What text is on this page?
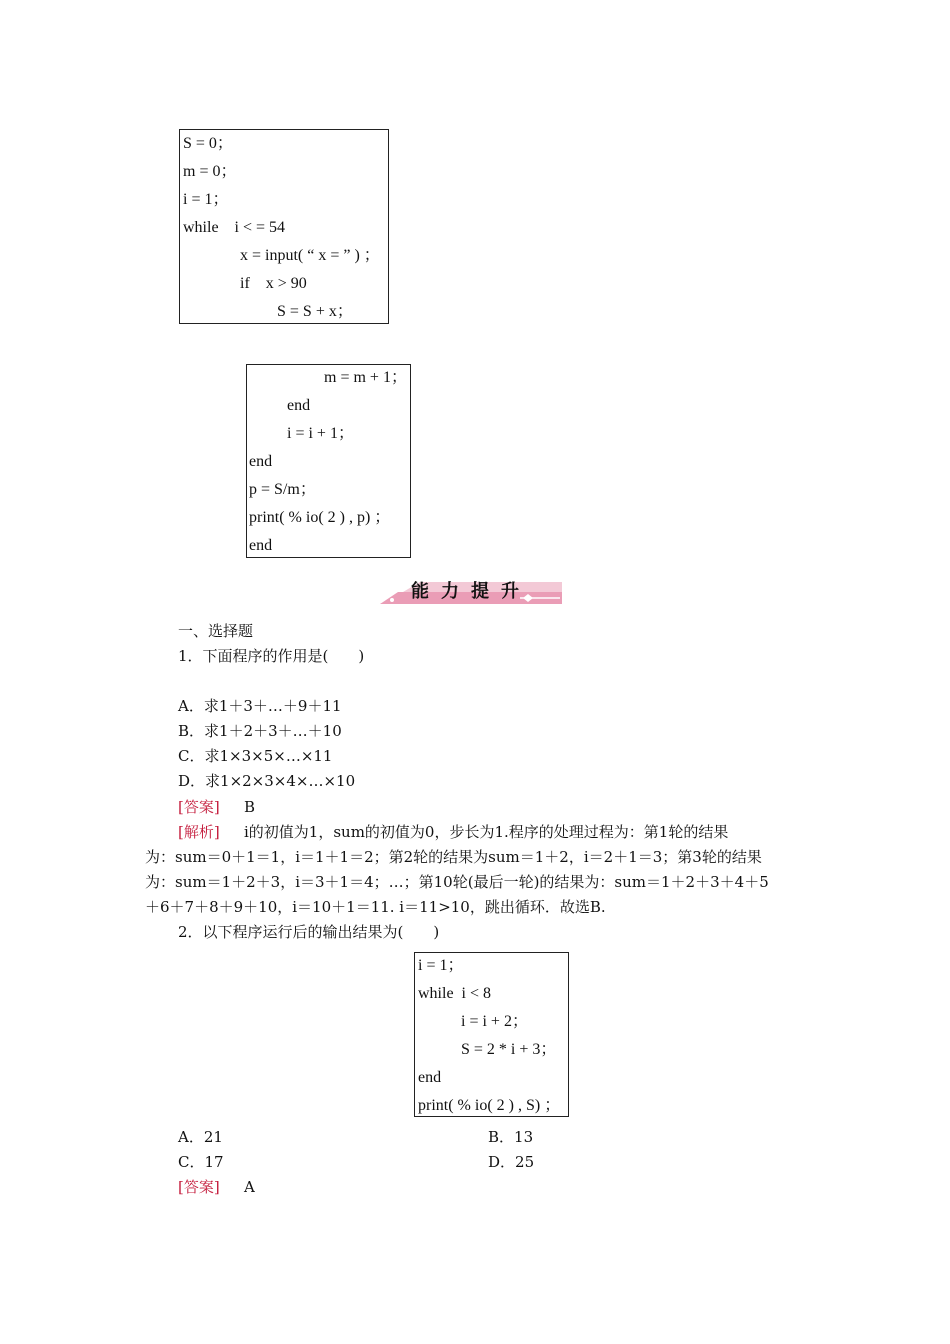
S = 0；
m = 0；
i = 1；
while    i < = 54
x = input( “ x = ” ) ；
if    x > 90
S = S + x；
m = m + 1；
end
i = i + 1；
end
p = S/m；
print( % io( 2 ) , p) ；
end
能力提升
一、选择题
1．下面程序的作用是(　　)
A．求1＋3＋…＋9＋11
B．求1＋2＋3＋…＋10
C．求1×3×5×…×11
D．求1×2×3×4×…×10
[答案] B
[解析] i的初值为1，sum的初值为0，步长为1.程序的处理过程为：第1轮的结果
为：sum＝0＋1＝1，i＝1＋1＝2；第2轮的结果为sum＝1＋2，i＝2＋1＝3；第3轮的结果
为：sum＝1＋2＋3，i＝3＋1＝4；…；第10轮(最后一轮)的结果为：sum＝1＋2＋3＋4＋5
＋6＋7＋8＋9＋10，i＝10＋1＝11. i＝11>10，跳出循环．故选B.
2．以下程序运行后的输出结果为(　　)
i = 1；
while  i < 8
i = i + 2；
S = 2 * i + 3；
end
print( % io( 2 ) , S) ；
A．21	B．13
C．17	D．25
[答案] A
